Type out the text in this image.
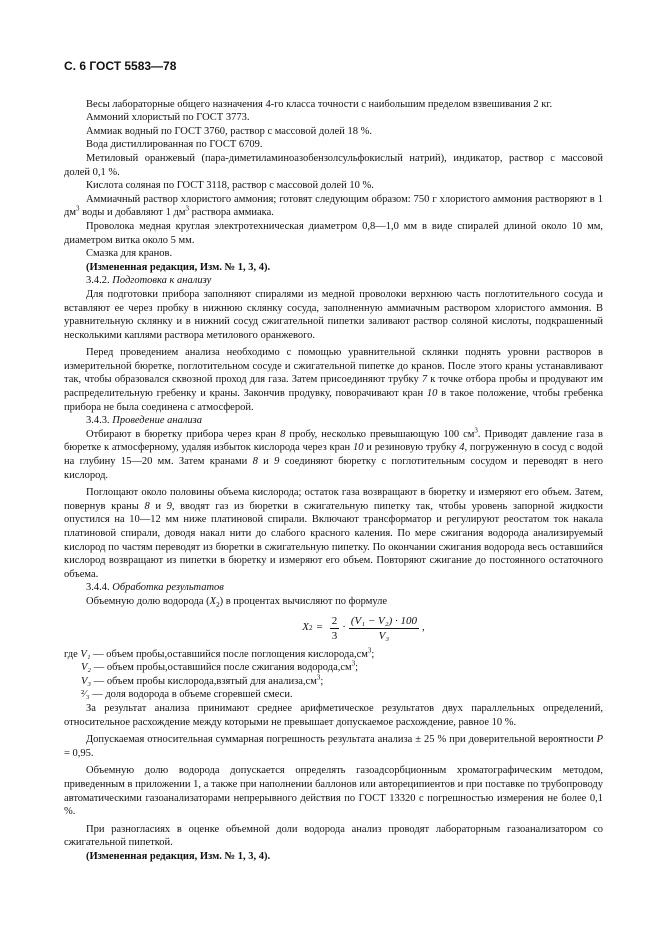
С. 6 ГОСТ 5583—78

Весы лабораторные общего назначения 4-го класса точности с наибольшим пределом взвешивания 2 кг.

Аммоний хлористый по ГОСТ 3773.

Аммиак водный по ГОСТ 3760, раствор с массовой долей 18 %.

Вода дистиллированная по ГОСТ 6709.

Метиловый оранжевый (пара-диметиламиноазобензолсульфокислый натрий), индикатор, раствор с массовой долей 0,1 %.

Кислота соляная по ГОСТ 3118, раствор с массовой долей 10 %.

Аммиачный раствор хлористого аммония; готовят следующим образом: 750 г хлористого аммония растворяют в 1 $дм^3$ воды и добавляют 1 $дм^3$ раствора аммиака.

Проволока медная круглая электротехническая диаметром 0,8—1,0 мм в виде спиралей длиной около 10 мм, диаметром витка около 5 мм.

Смазка для кранов.

(Измененная редакция, Изм. № 1, 3, 4).

3.4.2. Подготовка к анализу

Для подготовки прибора заполняют спиралями из медной проволоки верхнюю часть поглотительного сосуда и вставляют ее через пробку в нижнюю склянку сосуда, заполненную аммиачным раствором хлористого аммония. В уравнительную склянку и в нижний сосуд сжигательной пипетки заливают раствор соляной кислоты, подкрашенный несколькими каплями раствора метилового оранжевого.

Перед проведением анализа необходимо с помощью уравнительной склянки поднять уровни растворов в измерительной бюретке, поглотительном сосуде и сжигательной пипетке до кранов. После этого краны устанавливают так, чтобы образовался сквозной проход для газа. Затем присоединяют трубку 7 к точке отбора пробы и продувают им распределительную гребенку и краны. Закончив продувку, поворачивают кран 10 в такое положение, чтобы гребенка прибора не была соединена с атмосферой.

3.4.3. Проведение анализа

Отбирают в бюретку прибора через кран 8 пробу, несколько превышающую 100 $см^3$. Приводят давление газа в бюретке к атмосферному, удаляя избыток кислорода через кран 10 и резиновую трубку 4, погруженную в сосуд с водой на глубину 15—20 мм. Затем кранами 8 и 9 соединяют бюретку с поглотительным сосудом и переводят в него кислород.

Поглощают около половины объема кислорода; остаток газа возвращают в бюретку и измеряют его объем. Затем, повернув краны 8 и 9, вводят газ из бюретки в сжигательную пипетку так, чтобы уровень запорной жидкости опустился на 10—12 мм ниже платиновой спирали. Включают трансформатор и регулируют реостатом ток накала платиновой спирали, доводя накал нити до слабого красного каления. По мере сжигания водорода анализируемый кислород по частям переводят из бюретки в сжигательную пипетку. По окончании сжигания водорода весь оставшийся кислород возвращают из пипетки в бюретку и измеряют его объем. Повторяют сжигание до постоянного остаточного объема.

3.4.4. Обработка результатов

Объемную долю водорода $(X_2)$ в процентах вычисляют по формуле

X $2 = \frac{2}{3} \cdot \frac{\text{(V₁ − V₂) · 100}}{\text{V₃}}$ ,
где V₁ — объем пробы,оставшийся после поглощения $кислорода,см^3$;
V₂ — объем пробы,оставшийся после сжигания $водорода,см^3$;
V₃ — объем пробы кислорода,взятый для $анализа,см^3$;
²⁄₃ — доля водорода в объеме сгоревшей смеси.

За результат анализа принимают среднее арифметическое результатов двух параллельных определений, относительное расхождение между которыми не превышает допускаемое расхождение, равное 10 %.

Допускаемая относительная суммарная погрешность результата анализа ± 25 % при доверительной вероятности P = 0,95.

Объемную долю водорода допускается определять газоадсорбционным хроматографическим методом, приведенным в приложении 1, а также при наполнении баллонов или автореципиентов и при поставке по трубопроводу автоматическими газоанализаторами непрерывного действия по ГОСТ 13320 с погрешностью измерения не более 0,1 %.

При разногласиях в оценке объемной доли водорода анализ проводят лабораторным газоанализатором со сжигательной пипеткой.

(Измененная редакция, Изм. № 1, 3, 4).
